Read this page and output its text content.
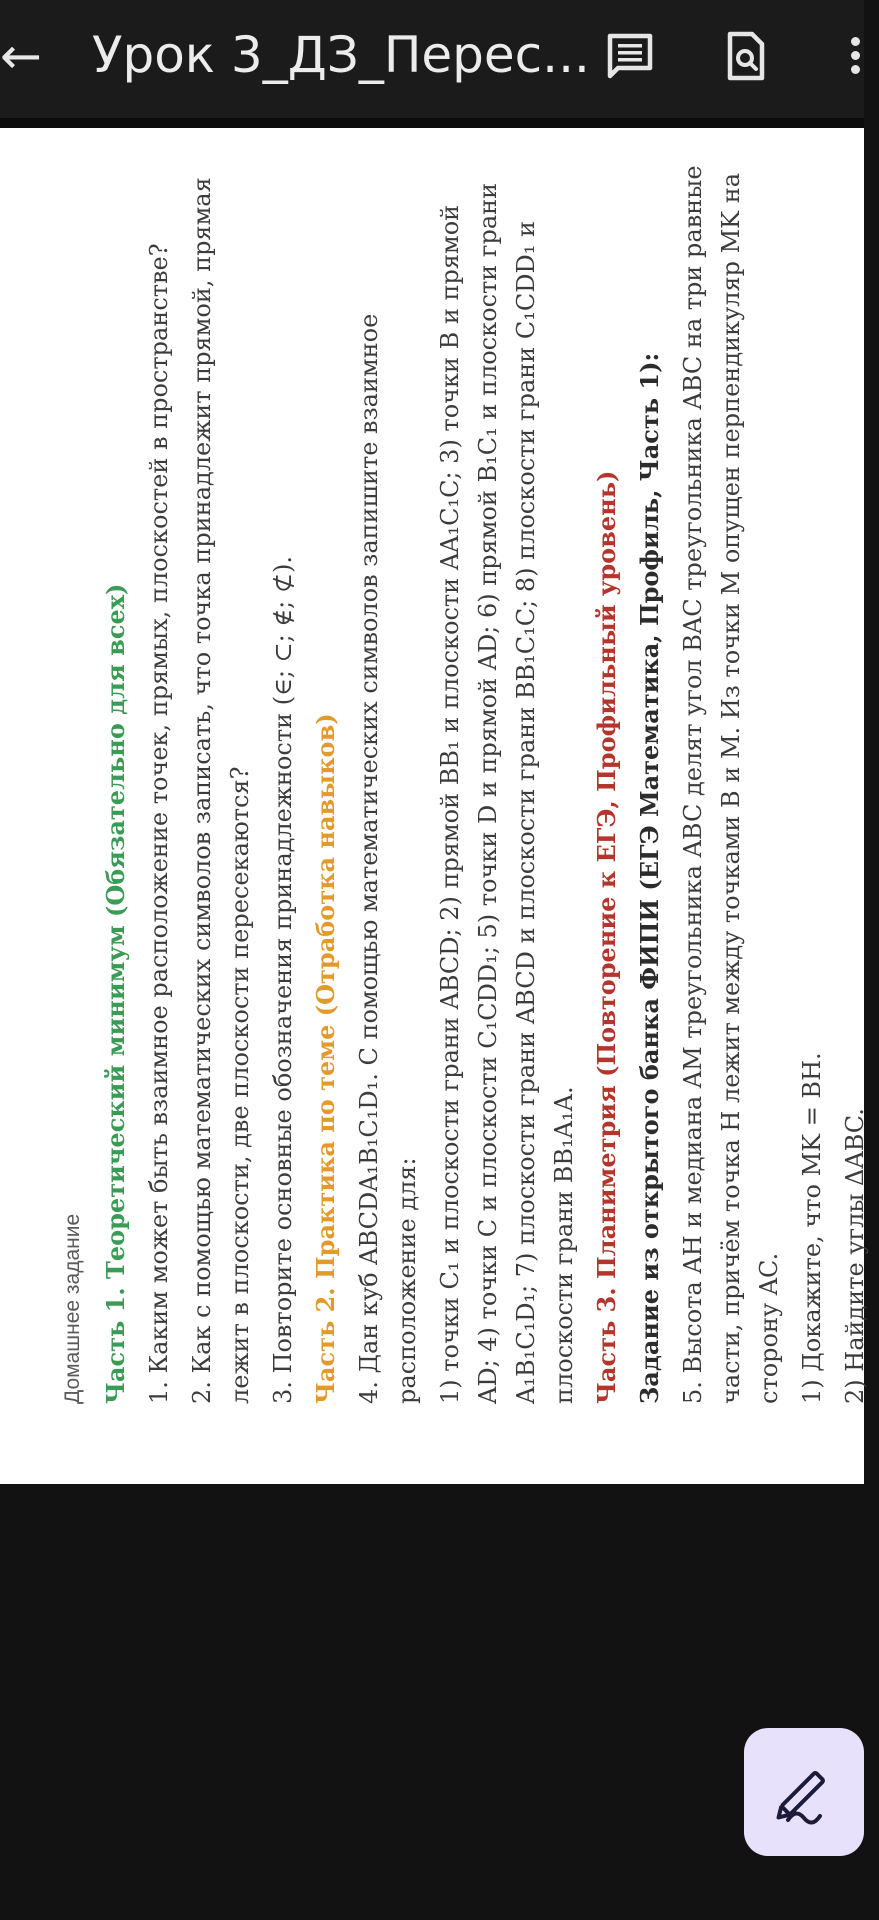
← Урок 3_ДЗ_Перес...

Домашнее задание Часть 1. Теоретический минимум (Обязательно для всех) 1. Каким может быть взаимное расположение точек, прямых, плоскостей в пространстве? 2. Как с помощью математических символов записать, что точка принадлежит прямой, прямая лежит в плоскости, две плоскости пересекаются? 3. Повторите основные обозначения принадлежности (∈; ⊂; ∉; ⊄). Часть 2. Практика по теме (Отработка навыков) 4. Дан куб ABCDA₁B₁C₁D₁. С помощью математических символов запишите взаимное расположение для: 1) точки C₁ и плоскости грани ABCD; 2) прямой BB₁ и плоскости AA₁C₁C; 3) точки B и прямой AD; 4) точки C и плоскости C₁CDD₁; 5) точки D и прямой AD; 6) прямой B₁C₁ и плоскости грани A₁B₁C₁D₁; 7) плоскости грани ABCD и плоскости грани BB₁C₁C; 8) плоскости грани C₁CDD₁ и плоскости грани BB₁A₁A. Часть 3. Планиметрия (Повторение к ЕГЭ, Профильный уровень) Задание из открытого банка ФИПИ (ЕГЭ Математика, Профиль, Часть 1): 5. Высота AH и медиана AM треугольника ABC делят угол BAC треугольника ABC на три равные части, причём точка H лежит между точками B и M. Из точки M опущен перпендикуляр MK на сторону AC. 1) Докажите, что MK = BH. 2) Найдите углы ΔABC.
